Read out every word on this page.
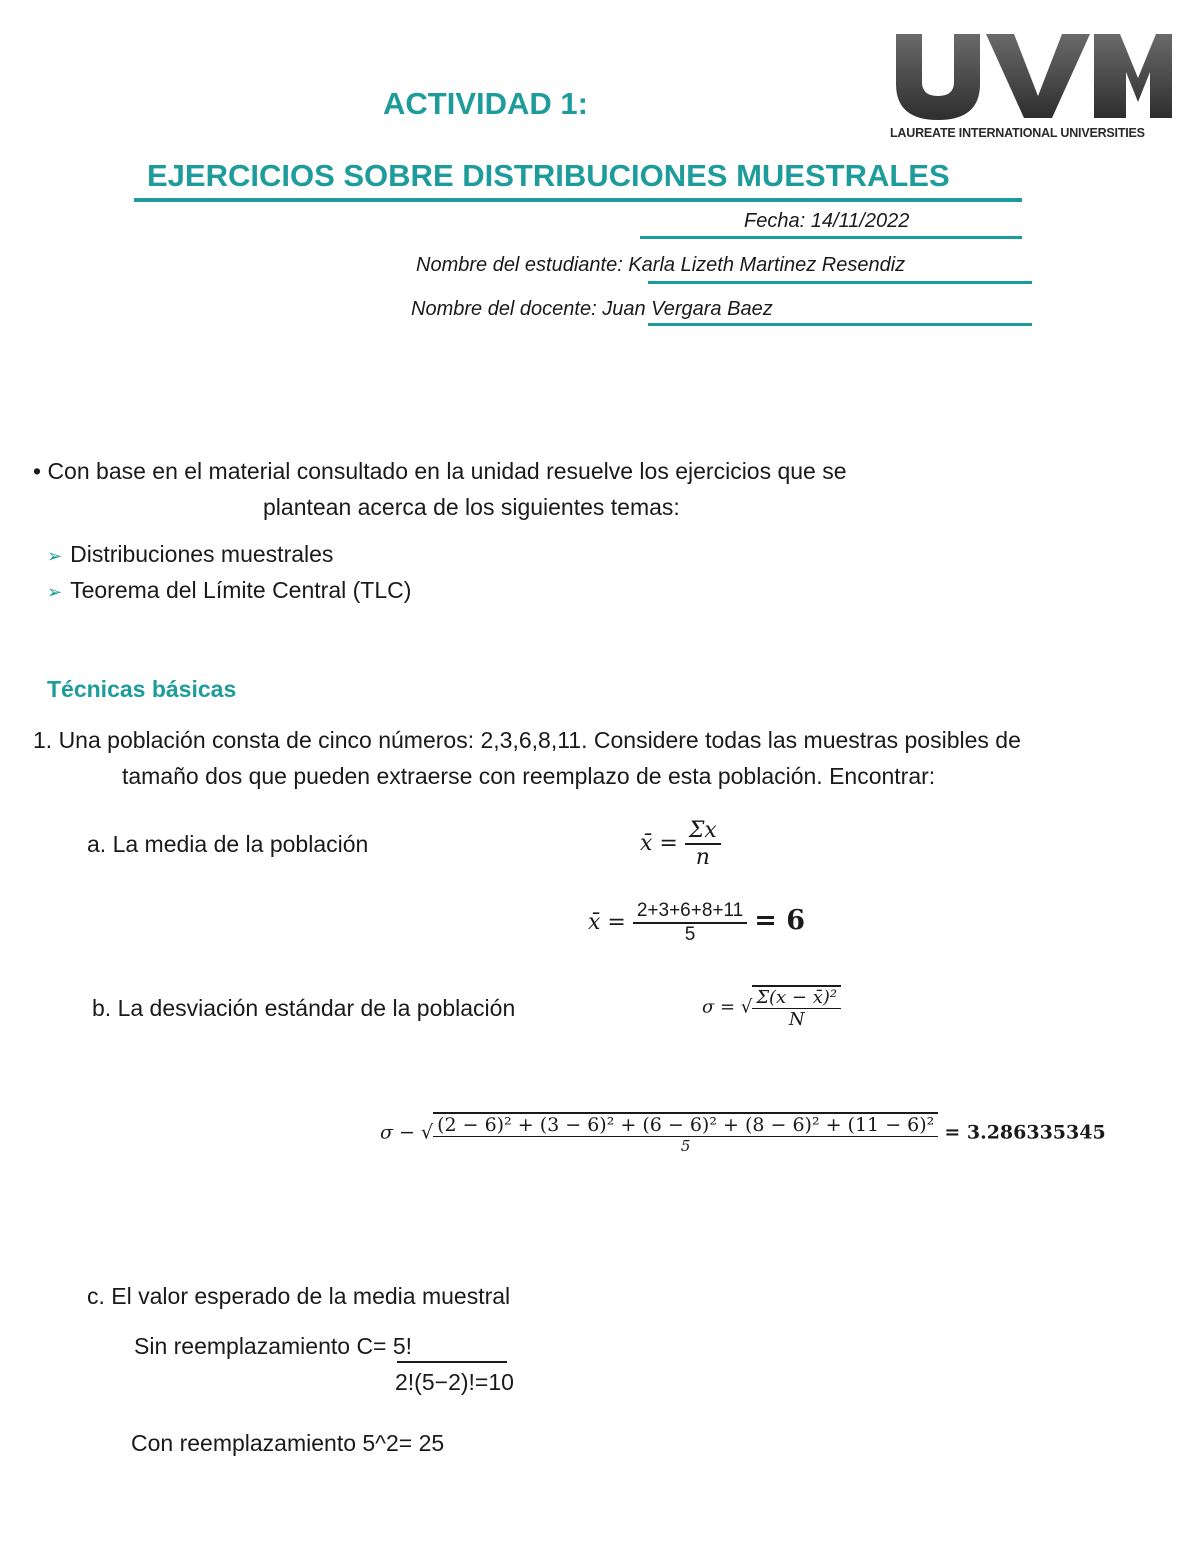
LAUREATE INTERNATIONAL UNIVERSITIES
ACTIVIDAD 1:
EJERCICIOS SOBRE DISTRIBUCIONES MUESTRALES
Fecha: 14/11/2022
Nombre del estudiante: Karla Lizeth Martinez Resendiz
Nombre del docente: Juan Vergara Baez
• Con base en el material consultado en la unidad resuelve los ejercicios que se
plantean acerca de los siguientes temas:
➢ Distribuciones muestrales
➢ Teorema del Límite Central (TLC)
Técnicas básicas
1. Una población consta de cinco números: 2,3,6,8,11. Considere todas las muestras posibles de
tamaño dos que pueden extraerse con reemplazo de esta población. Encontrar:
a. La media de la población
b. La desviación estándar de la población
c. El valor esperado de la media muestral
x̄ = $\frac{\Sigma x}{n}$
x̄ = $\frac{2+3+6+8+11}{5} = 6$
σ = √ $\frac{\text{Σ(x − x̄)²}}{N}$
σ − √ $\frac{\text{(2 − 6)² + (3 − 6)² + (6 − 6)² + (8 − 6)² + (11 − 6)²}}{5} = 3.286335345$
Sin reemplazamiento C= 5!
2!(5−2)!=10
Con reemplazamiento 5^2= 25
